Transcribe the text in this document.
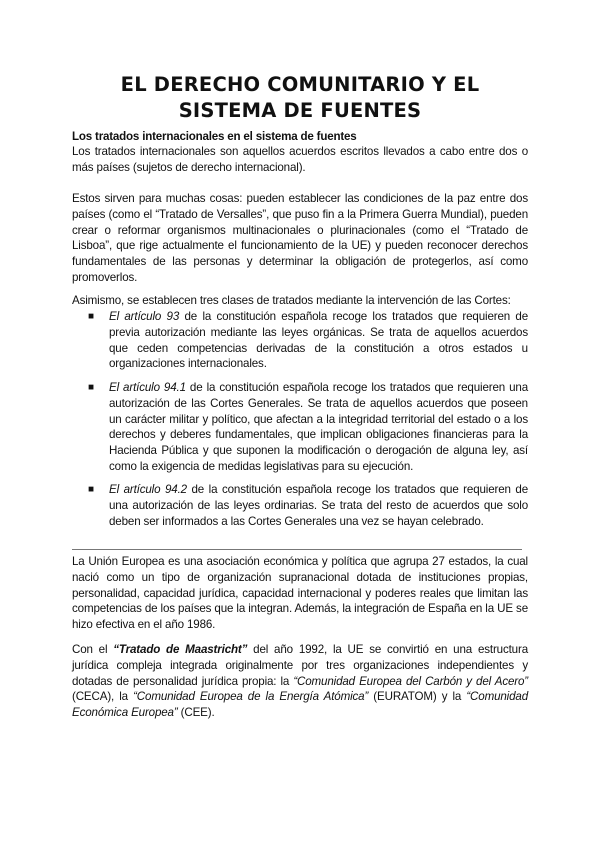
EL DERECHO COMUNITARIO Y EL SISTEMA DE FUENTES
Los tratados internacionales en el sistema de fuentes
Los tratados internacionales son aquellos acuerdos escritos llevados a cabo entre dos o más países (sujetos de derecho internacional).
Estos sirven para muchas cosas: pueden establecer las condiciones de la paz entre dos países (como el “Tratado de Versalles”, que puso fin a la Primera Guerra Mundial), pueden crear o reformar organismos multinacionales o plurinacionales (como el “Tratado de Lisboa”, que rige actualmente el funcionamiento de la UE) y pueden reconocer derechos fundamentales de las personas y determinar la obligación de protegerlos, así como promoverlos.
Asimismo, se establecen tres clases de tratados mediante la intervención de las Cortes:
■	El artículo 93 de la constitución española recoge los tratados que requieren de previa autorización mediante las leyes orgánicas. Se trata de aquellos acuerdos que ceden competencias derivadas de la constitución a otros estados u organizaciones internacionales.
■	El artículo 94.1 de la constitución española recoge los tratados que requieren una autorización de las Cortes Generales. Se trata de aquellos acuerdos que poseen un carácter militar y político, que afectan a la integridad territorial del estado o a los derechos y deberes fundamentales, que implican obligaciones financieras para la Hacienda Pública y que suponen la modificación o derogación de alguna ley, así como la exigencia de medidas legislativas para su ejecución.
■	El artículo 94.2 de la constitución española recoge los tratados que requieren de una autorización de las leyes ordinarias. Se trata del resto de acuerdos que solo deben ser informados a las Cortes Generales una vez se hayan celebrado.
La Unión Europea es una asociación económica y política que agrupa 27 estados, la cual nació como un tipo de organización supranacional dotada de instituciones propias, personalidad, capacidad jurídica, capacidad internacional y poderes reales que limitan las competencias de los países que la integran. Además, la integración de España en la UE se hizo efectiva en el año 1986.
Con el “Tratado de Maastricht” del año 1992, la UE se convirtió en una estructura jurídica compleja integrada originalmente por tres organizaciones independientes y dotadas de personalidad jurídica propia: la “Comunidad Europea del Carbón y del Acero” (CECA), la “Comunidad Europea de la Energía Atómica” (EURATOM) y la “Comunidad Económica Europea” (CEE).
